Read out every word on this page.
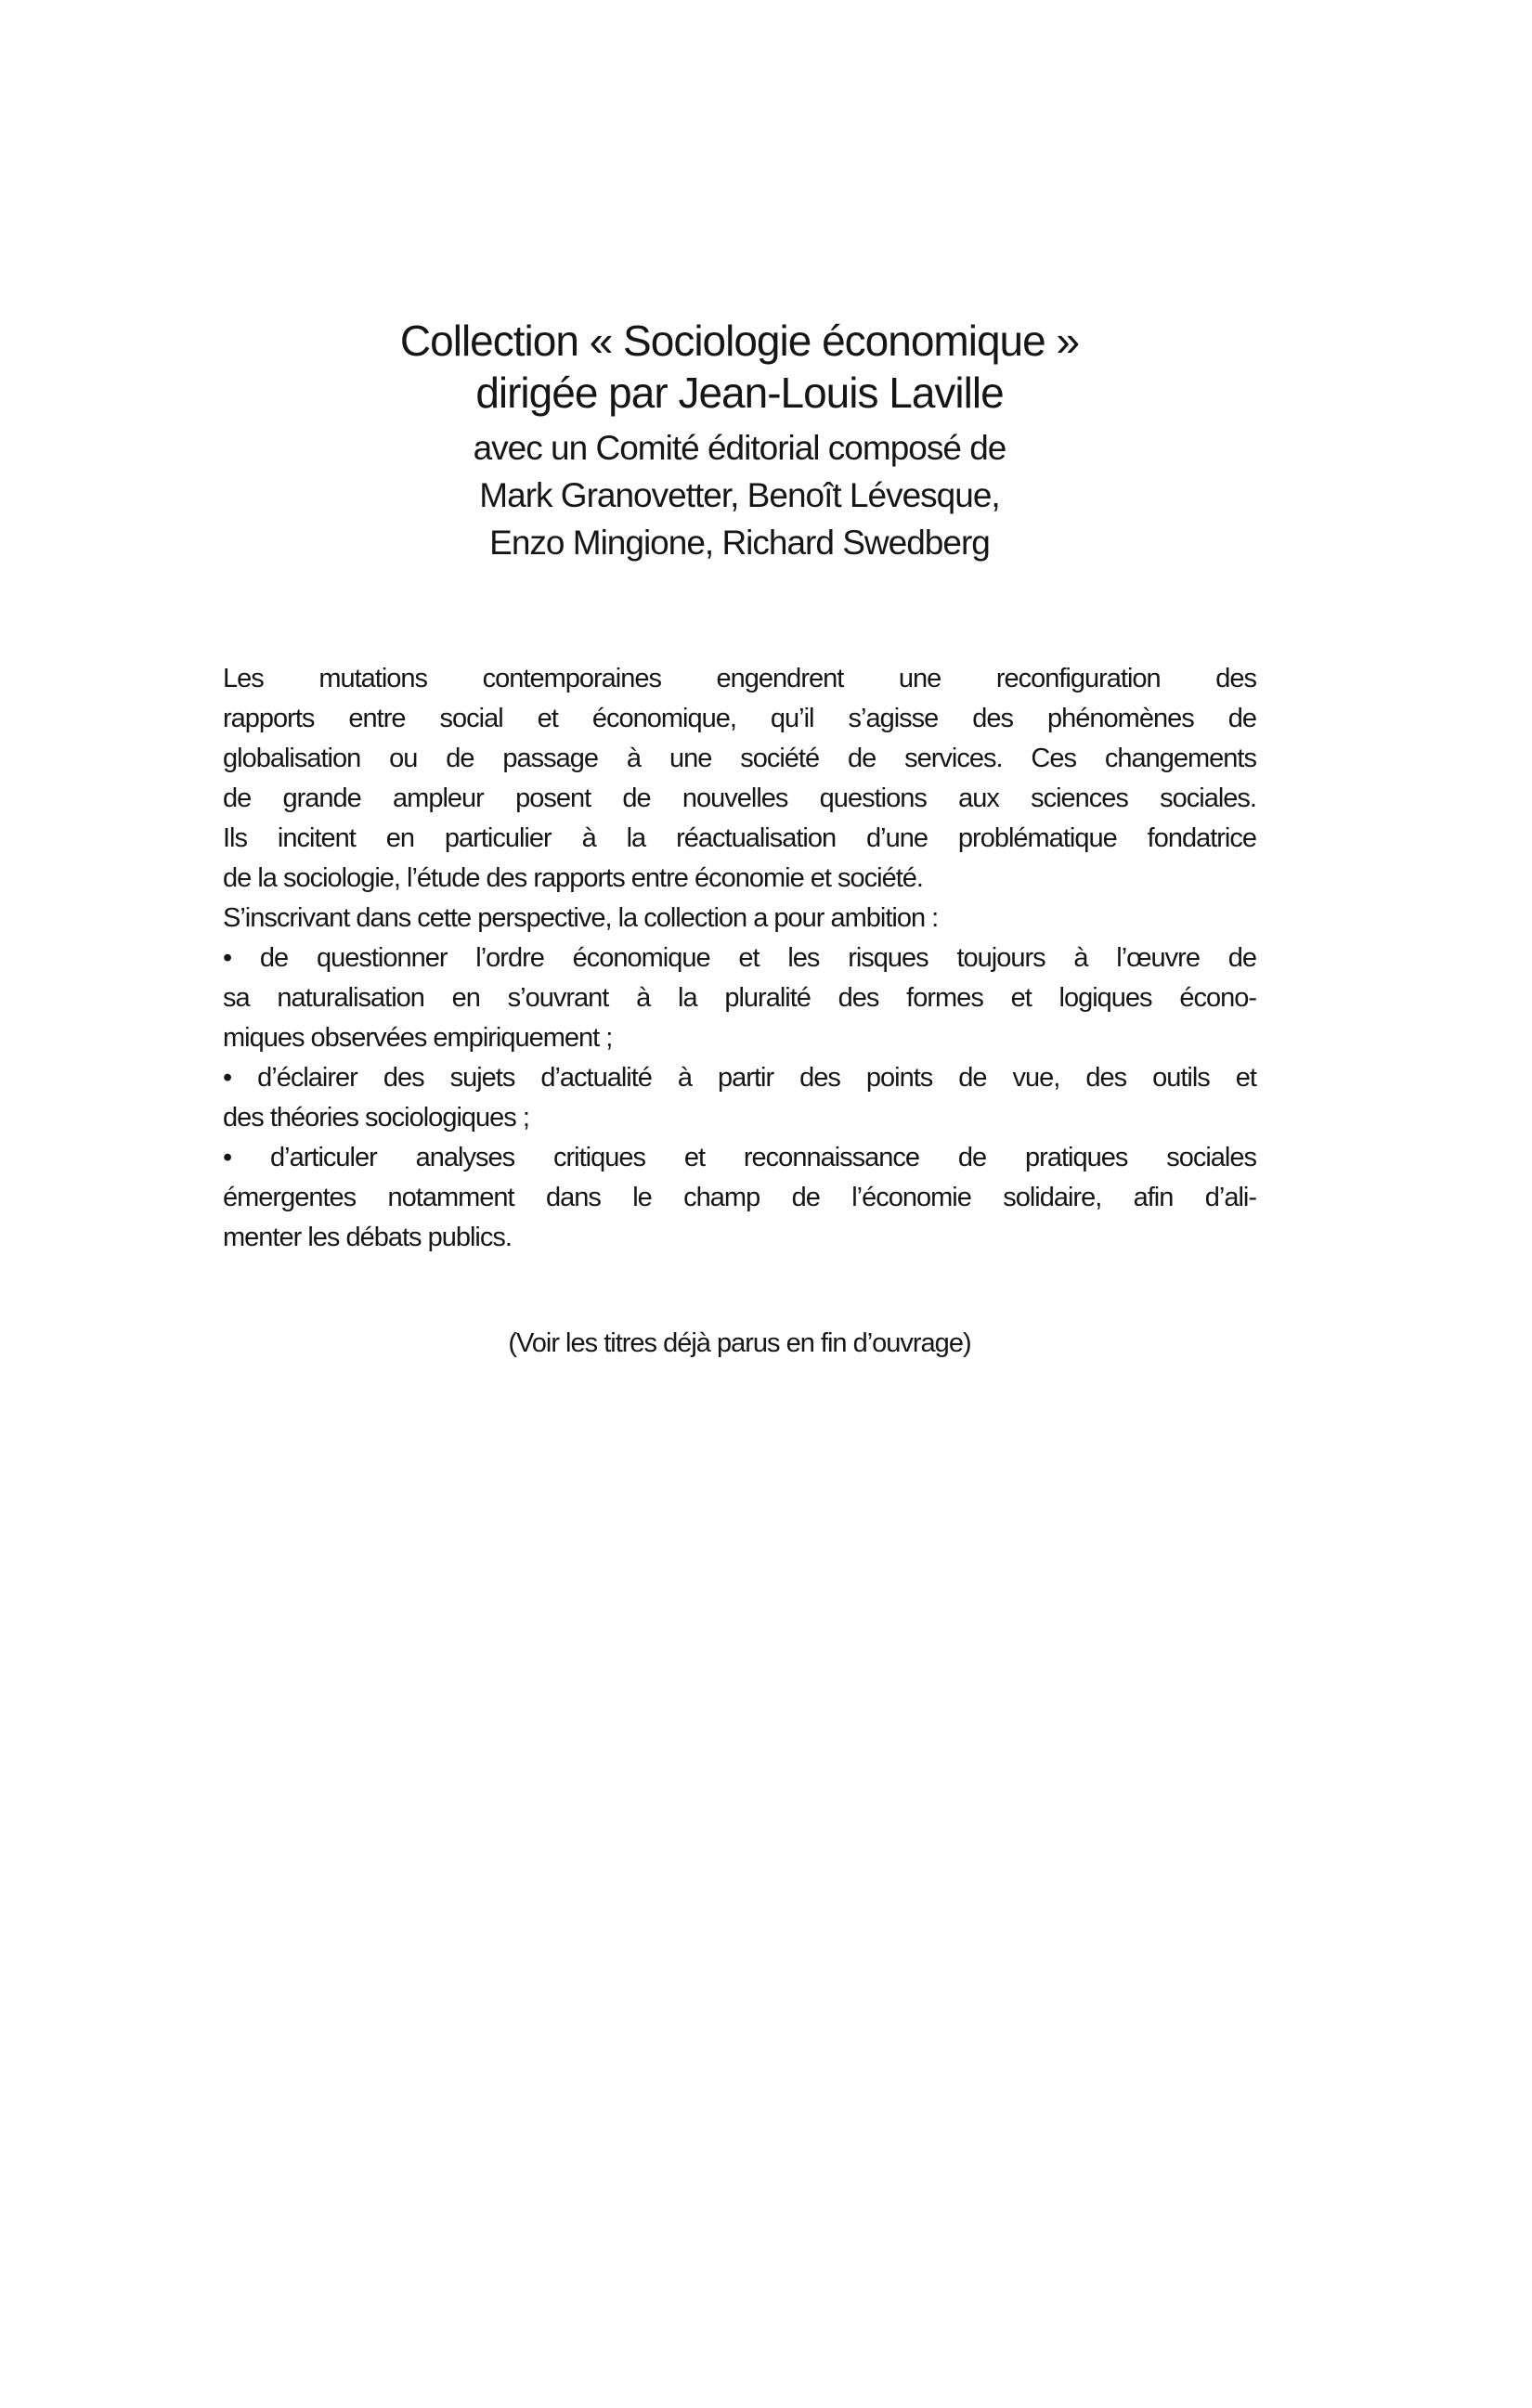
Collection « Sociologie économique »
dirigée par Jean-Louis Laville
avec un Comité éditorial composé de
Mark Granovetter, Benoît Lévesque,
Enzo Mingione, Richard Swedberg
Les mutations contemporaines engendrent une reconfiguration des
rapports entre social et économique, qu’il s’agisse des phénomènes de
globalisation ou de passage à une société de services. Ces changements
de grande ampleur posent de nouvelles questions aux sciences sociales.
Ils incitent en particulier à la réactualisation d’une problématique fondatrice
de la sociologie, l’étude des rapports entre économie et société.
S’inscrivant dans cette perspective, la collection a pour ambition :
• de questionner l’ordre économique et les risques toujours à l’œuvre de
sa naturalisation en s’ouvrant à la pluralité des formes et logiques écono-
miques observées empiriquement ;
• d’éclairer des sujets d’actualité à partir des points de vue, des outils et
des théories sociologiques ;
• d’articuler analyses critiques et reconnaissance de pratiques sociales
émergentes notamment dans le champ de l’économie solidaire, afin d’ali-
menter les débats publics.
(Voir les titres déjà parus en fin d’ouvrage)
